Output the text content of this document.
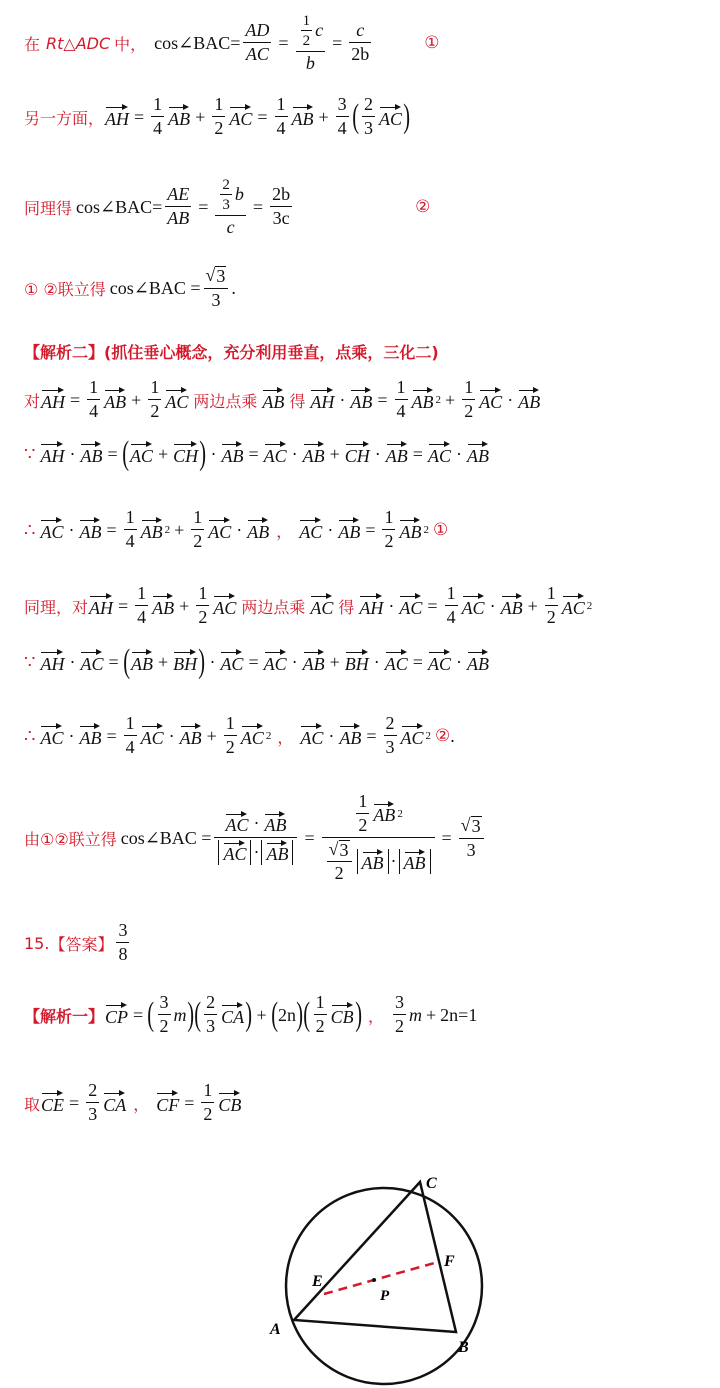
在 Rt △ADC 中， cos∠BAC= $\frac{AD}{AC} = \frac{\frac{1}{2} c}{b} = \frac{c}{2b}$	①
另一方面， AH = $\frac{1}{4}$ AB + $\frac{1}{2}$ AC = $\frac{1}{4}$ AB + $\frac{3}{4}$ ( $\frac{2}{3}$ AC )
同理得 cos∠BAC= $\frac{AE}{AB} = \frac{\frac{2}{3} b}{c} = \frac{2b}{3c}$	②
① ②联立得 cos∠BAC = $\frac{√ 3}{3}$ .
【解析二】(抓住垂心概念，充分利用垂直，点乘，三化二)
对 AH = $\frac{1}{4}$ AB + $\frac{1}{2}$ AC 两边点乘 AB 得 AH · AB = $\frac{1}{4}$ AB $2 + \frac{1}{2}$ AC · AB
∵ AH · AB = ( AC + CH ) · AB = AC · AB + CH · AB = AC · AB
∴ AC · AB = $\frac{1}{4}$ AB $2 + \frac{1}{2}$ AC · AB ， AC · AB = $\frac{1}{2}$ AB 2 ①
同理，对 AH = $\frac{1}{4}$ AB + $\frac{1}{2}$ AC 两边点乘 AC 得 AH · AC = $\frac{1}{4}$ AC · AB + $\frac{1}{2}$ AC 2
∵ AH · AC = ( AB + BH ) · AC = AC · AB + BH · AC = AC · AB
∴ AC · AB = $\frac{1}{4}$ AC · AB + $\frac{1}{2}$ AC 2 ， AC · AB = $\frac{2}{3}$ AC 2 ② .
由①②联立得 cos∠BAC = $\frac{AC \cdot AB}{AC \cdot AB} = \frac{\frac{1}{2} AB 2}{\frac{√ 3}{2} AB \cdot AB} = \frac{√ 3}{3}$
15. 【答案】 $\frac{3}{8}$
【解析一】 CP = ( $\frac{3}{2}$ m ) ( $\frac{2}{3}$ CA ) + ( 2n ) ( $\frac{1}{2}$ CB ) ， $\frac{3}{2}$ m + 2n =1
取 CE = $\frac{2}{3}$ CA ， CF = $\frac{1}{2}$ CB
A
B
C
E
F
P
